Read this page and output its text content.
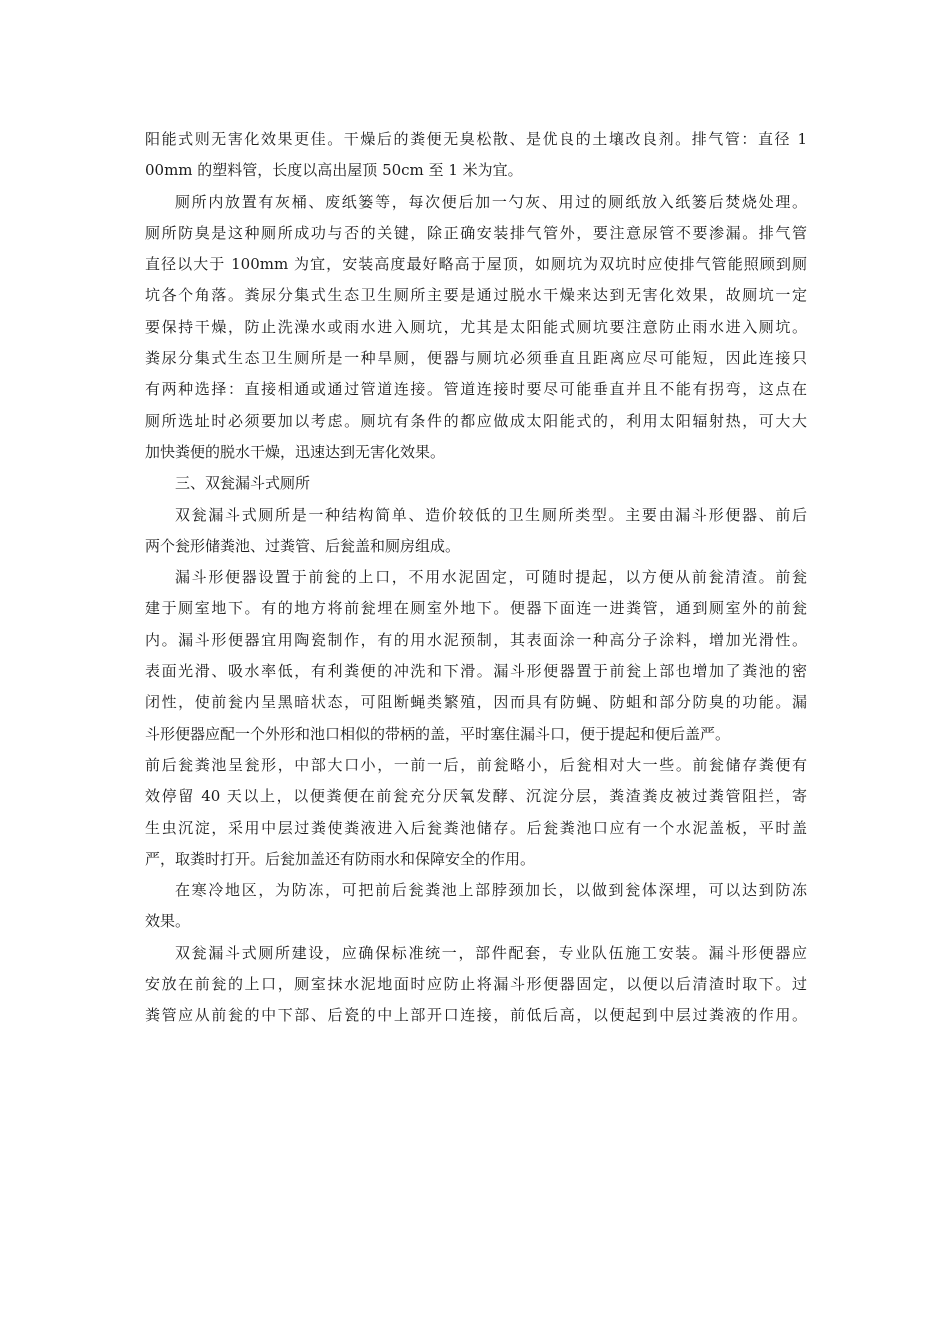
阳能式则无害化效果更佳。干燥后的粪便无臭松散、是优良的土壤改良剂。排气管：直径 1
00mm 的塑料管，长度以高出屋顶 50cm 至 1 米为宜。
厕所内放置有灰桶、废纸篓等，每次便后加一勺灰、用过的厕纸放入纸篓后焚烧处理。
厕所防臭是这种厕所成功与否的关键，除正确安装排气管外，要注意尿管不要渗漏。排气管
直径以大于 100mm 为宜，安装高度最好略高于屋顶，如厕坑为双坑时应使排气管能照顾到厕
坑各个角落。粪尿分集式生态卫生厕所主要是通过脱水干燥来达到无害化效果，故厕坑一定
要保持干燥，防止洗澡水或雨水进入厕坑，尤其是太阳能式厕坑要注意防止雨水进入厕坑。
粪尿分集式生态卫生厕所是一种旱厕，便器与厕坑必须垂直且距离应尽可能短，因此连接只
有两种选择：直接相通或通过管道连接。管道连接时要尽可能垂直并且不能有拐弯，这点在
厕所选址时必须要加以考虑。厕坑有条件的都应做成太阳能式的，利用太阳辐射热，可大大
加快粪便的脱水干燥，迅速达到无害化效果。
三、双瓮漏斗式厕所
双瓮漏斗式厕所是一种结构简单、造价较低的卫生厕所类型。主要由漏斗形便器、前后
两个瓮形储粪池、过粪管、后瓮盖和厕房组成。
漏斗形便器设置于前瓮的上口，不用水泥固定，可随时提起，以方便从前瓮清渣。前瓮
建于厕室地下。有的地方将前瓮埋在厕室外地下。便器下面连一进粪管，通到厕室外的前瓮
内。漏斗形便器宜用陶瓷制作，有的用水泥预制，其表面涂一种高分子涂料，增加光滑性。
表面光滑、吸水率低，有利粪便的冲洗和下滑。漏斗形便器置于前瓮上部也增加了粪池的密
闭性，使前瓮内呈黑暗状态，可阻断蝇类繁殖，因而具有防蝇、防蛆和部分防臭的功能。漏
斗形便器应配一个外形和池口相似的带柄的盖，平时塞住漏斗口，便于提起和便后盖严。
前后瓮粪池呈瓮形，中部大口小，一前一后，前瓮略小，后瓮相对大一些。前瓮储存粪便有
效停留 40 天以上，以便粪便在前瓮充分厌氧发酵、沉淀分层，粪渣粪皮被过粪管阻拦，寄
生虫沉淀，采用中层过粪使粪液进入后瓮粪池储存。后瓮粪池口应有一个水泥盖板，平时盖
严，取粪时打开。后瓮加盖还有防雨水和保障安全的作用。
在寒冷地区，为防冻，可把前后瓮粪池上部脖颈加长，以做到瓮体深埋，可以达到防冻
效果。
双瓮漏斗式厕所建设，应确保标准统一，部件配套，专业队伍施工安装。漏斗形便器应
安放在前瓮的上口，厕室抹水泥地面时应防止将漏斗形便器固定，以便以后清渣时取下。过
粪管应从前瓮的中下部、后瓷的中上部开口连接，前低后高，以便起到中层过粪液的作用。
